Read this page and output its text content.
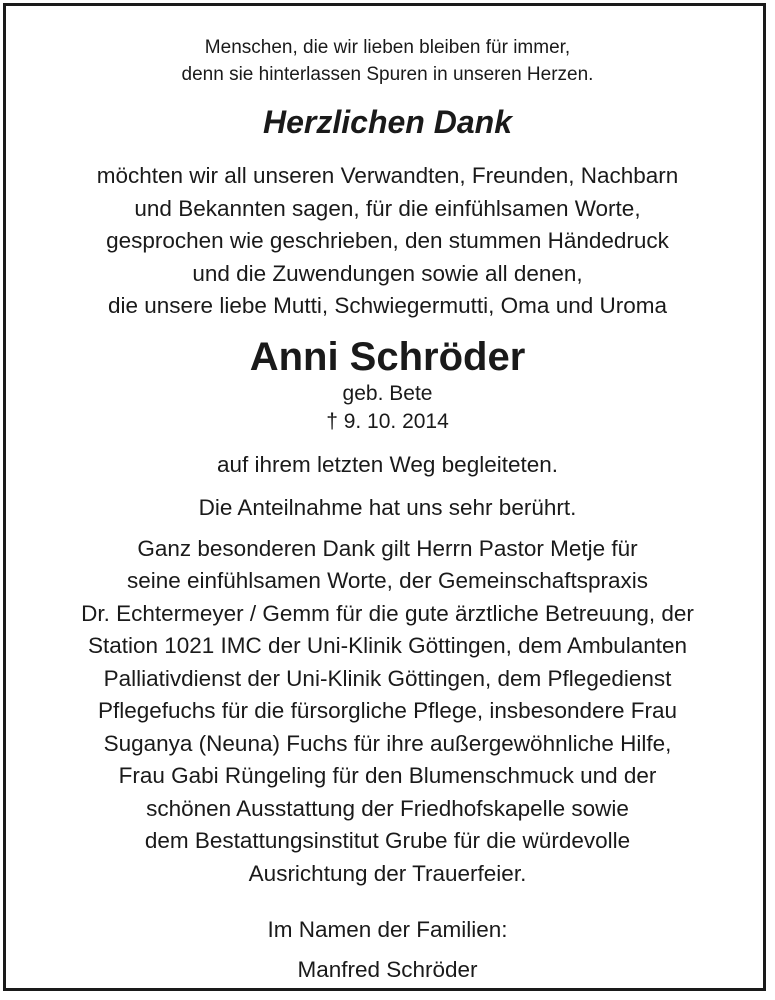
Menschen, die wir lieben bleiben für immer,
denn sie hinterlassen Spuren in unseren Herzen.
Herzlichen Dank
möchten wir all unseren Verwandten, Freunden, Nachbarn
und Bekannten sagen, für die einfühlsamen Worte,
gesprochen wie geschrieben, den stummen Händedruck
und die Zuwendungen sowie all denen,
die unsere liebe Mutti, Schwiegermutti, Oma und Uroma
Anni Schröder
geb. Bete
† 9. 10. 2014
auf ihrem letzten Weg begleiteten.
Die Anteilnahme hat uns sehr berührt.
Ganz besonderen Dank gilt Herrn Pastor Metje für
seine einfühlsamen Worte, der Gemeinschaftspraxis
Dr. Echtermeyer / Gemm für die gute ärztliche Betreuung, der
Station 1021 IMC der Uni-Klinik Göttingen, dem Ambulanten
Palliativdienst der Uni-Klinik Göttingen, dem Pflegedienst
Pflegefuchs für die fürsorgliche Pflege, insbesondere Frau
Suganya (Neuna) Fuchs für ihre außergewöhnliche Hilfe,
Frau Gabi Rüngeling für den Blumenschmuck und der
schönen Ausstattung der Friedhofskapelle sowie
dem Bestattungsinstitut Grube für die würdevolle
Ausrichtung der Trauerfeier.
Im Namen der Familien:
Manfred Schröder
